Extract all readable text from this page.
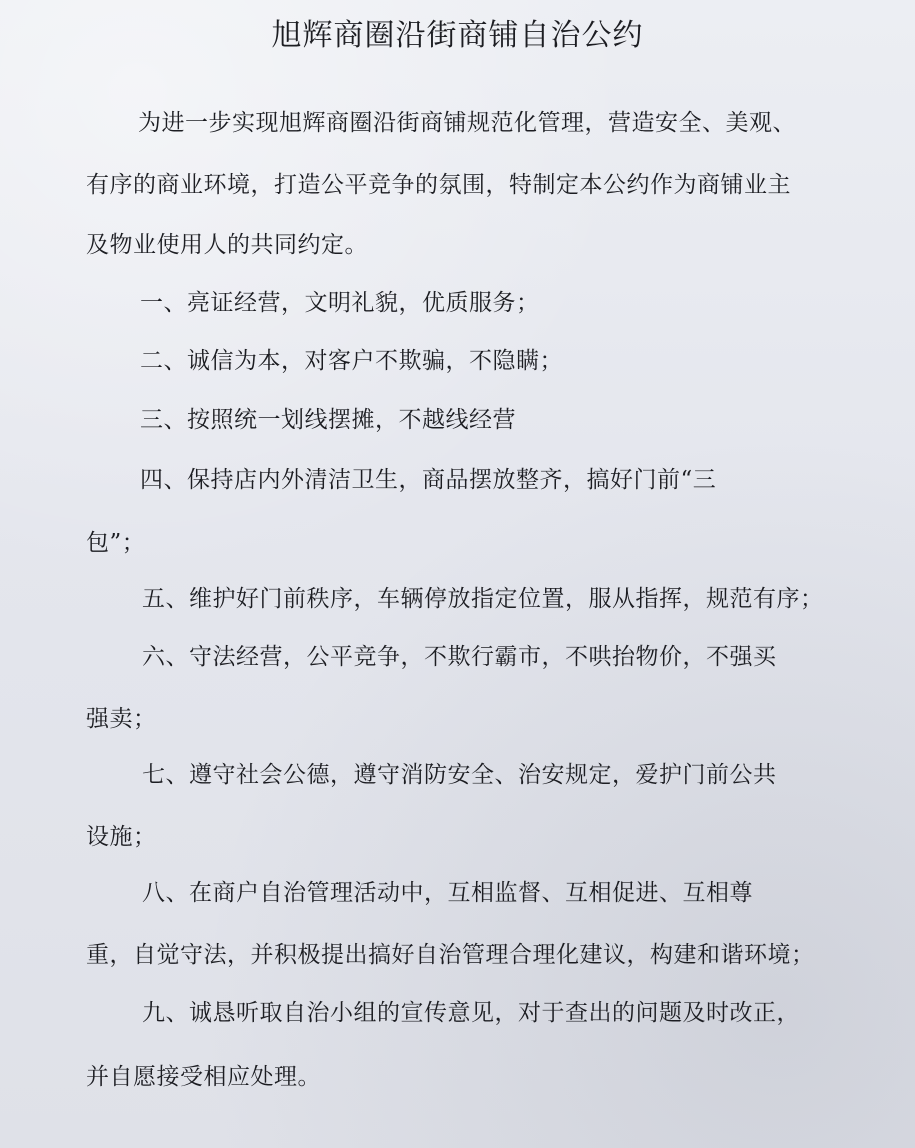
旭辉商圈沿街商铺自治公约

为进一步实现旭辉商圈沿街商铺规范化管理，营造安全、美观、

有序的商业环境，打造公平竞争的氛围，特制定本公约作为商铺业主

及物业使用人的共同约定。

一、亮证经营，文明礼貌，优质服务；

二、诚信为本，对客户不欺骗，不隐瞒；

三、按照统一划线摆摊，不越线经营

四、保持店内外清洁卫生，商品摆放整齐，搞好门前“三

包”；

五、维护好门前秩序，车辆停放指定位置，服从指挥，规范有序；

六、守法经营，公平竞争，不欺行霸市，不哄抬物价，不强买

强卖；

七、遵守社会公德，遵守消防安全、治安规定，爱护门前公共

设施；

八、在商户自治管理活动中，互相监督、互相促进、互相尊

重，自觉守法，并积极提出搞好自治管理合理化建议，构建和谐环境；

九、诚恳听取自治小组的宣传意见，对于查出的问题及时改正，

并自愿接受相应处理。
